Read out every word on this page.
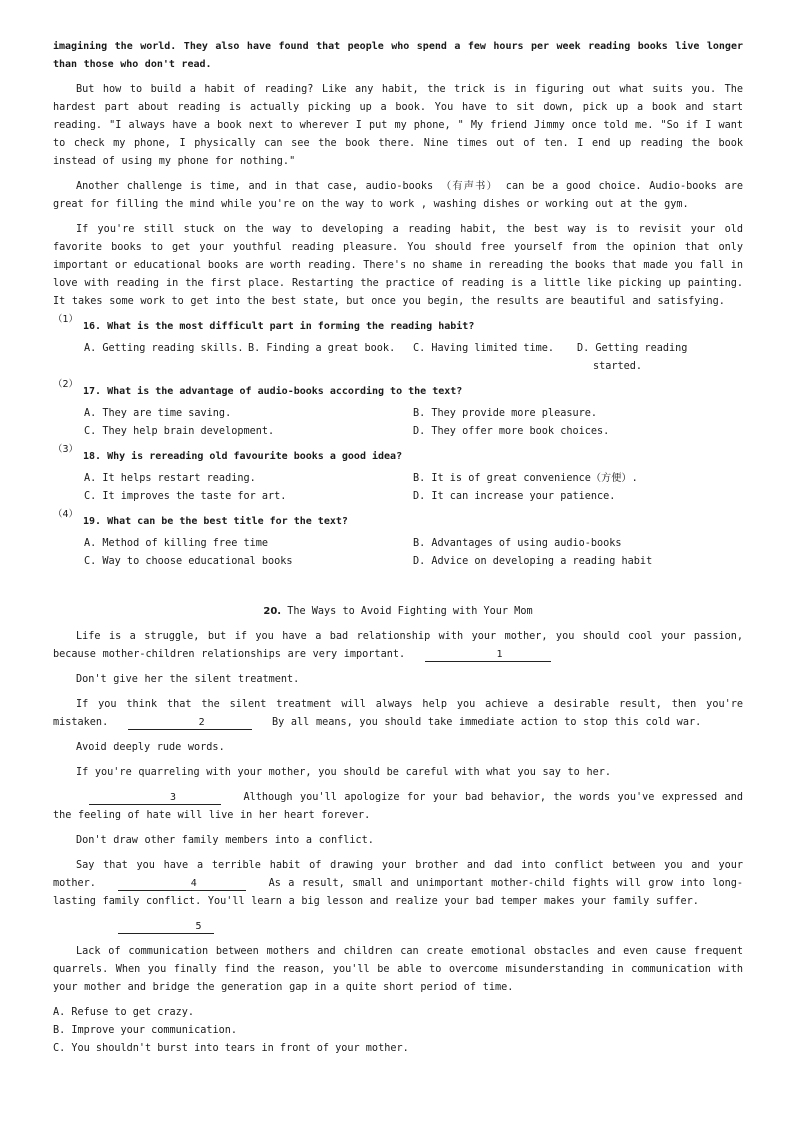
imagining the world. They also have found that people who spend a few hours per week reading books live longer than those who don't read.

But how to build a habit of reading? Like any habit, the trick is in figuring out what suits you. The hardest part about reading is actually picking up a book. You have to sit down, pick up a book and start reading. "I always have a book next to wherever I put my phone, " My friend Jimmy once told me. "So if I want to check my phone, I physically can see the book there. Nine times out of ten. I end up reading the book instead of using my phone for nothing."

Another challenge is time, and in that case, audio-books （有声书） can be a good choice. Audio-books are great for filling the mind while you're on the way to work , washing dishes or working out at the gym.

If you're still stuck on the way to developing a reading habit, the best way is to revisit your old favorite books to get your youthful reading pleasure. You should free yourself from the opinion that only important or educational books are worth reading. There's no shame in rereading the books that made you fall in love with reading in the first place. Restarting the practice of reading is a little like picking up painting. It takes some work to get into the best state, but once you begin, the results are beautiful and satisfying.

（1）
16. What is the most difficult part in forming the reading habit?
A. Getting reading skills. B. Finding a great book. C. Having limited time. D. Getting reading
started.
（2）
17. What is the advantage of audio-books according to the text?
A. They are time saving.	B. They provide more pleasure.
C. They help brain development.	D. They offer more book choices.
（3）
18. Why is rereading old favourite books a good idea?
A. It helps restart reading.	B. It is of great convenience（方便）.
C. It improves the taste for art.	D. It can increase your patience.
（4）
19. What can be the best title for the text?
A. Method of killing free time	B. Advantages of using audio-books
C. Way to choose educational books	D. Advice on developing a reading habit
20. The Ways to Avoid Fighting with Your Mom

Life is a struggle, but if you have a bad relationship with your mother, you should cool your passion, because mother-children relationships are very important.	1

Don't give her the silent treatment.

If you think that the silent treatment will always help you achieve a desirable result, then you're mistaken.	2	By all means, you should take immediate action to stop this cold war.

Avoid deeply rude words.

If you're quarreling with your mother, you should be careful with what you say to her.

3	Although you'll apologize for your bad behavior, the words you've expressed and the feeling of hate will live in her heart forever.

Don't draw other family members into a conflict.

Say that you have a terrible habit of drawing your brother and dad into conflict between you and your mother.	4	As a result, small and unimportant mother-child fights will grow into long-lasting family conflict. You'll learn a big lesson and realize your bad temper makes your family suffer.

5

Lack of communication between mothers and children can create emotional obstacles and even cause frequent quarrels. When you finally find the reason, you'll be able to overcome misunderstanding in communication with your mother and bridge the generation gap in a quite short period of time.

A. Refuse to get crazy.
B. Improve your communication.
C. You shouldn't burst into tears in front of your mother.
